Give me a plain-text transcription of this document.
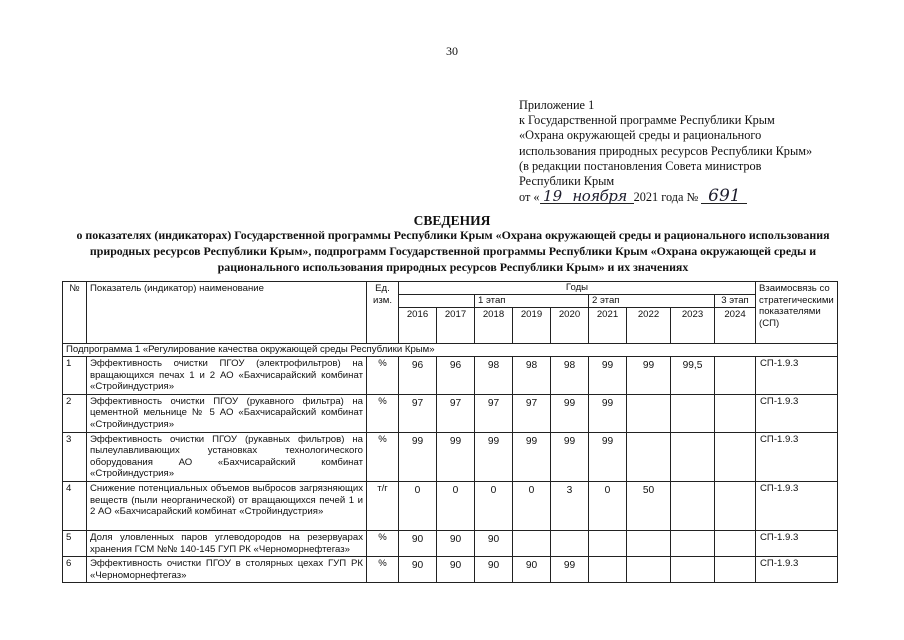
30
Приложение 1
к Государственной программе Республики Крым
«Охрана окружающей среды и рационального
использования природных ресурсов Республики Крым»
(в редакции постановления Совета министров
Республики Крым
от « 19 ноября 2021 года № 691
СВЕДЕНИЯ
о показателях (индикаторах) Государственной программы Республики Крым «Охрана окружающей среды и рационального использования природных ресурсов Республики Крым», подпрограмм Государственной программы Республики Крым «Охрана окружающей среды и рационального использования природных ресурсов Республики Крым» и их значениях
№	Показатель (индикатор) наименование	Ед. изм.	Годы									Взаимосвязь со стратегическими показателями (СП)
					1 этап			2 этап			3 этап	
			2016	2017	2018	2019	2020	2021	2022	2023	2024	
Подпрограмма 1 «Регулирование качества окружающей среды Республики Крым»												
1	Эффективность очистки ПГОУ (электрофильтров) на вращающихся печах 1 и 2 АО «Бахчисарайский комбинат «Стройиндустрия»	%	96	96	98	98	98	99	99	99,5		СП-1.9.3
2	Эффективность очистки ПГОУ (рукавного фильтра) на цементной мельнице № 5 АО «Бахчисарайский комбинат «Стройиндустрия»	%	97	97	97	97	99	99				СП-1.9.3
3	Эффективность очистки ПГОУ (рукавных фильтров) на пылеулавливающих установках технологического оборудования АО «Бахчисарайский комбинат «Стройиндустрия»	%	99	99	99	99	99	99				СП-1.9.3
4	Снижение потенциальных объемов выбросов загрязняющих веществ (пыли неорганической) от вращающихся печей 1 и 2 АО «Бахчисарайский комбинат «Стройиндустрия»	т/г	0	0	0	0	3	0	50			СП-1.9.3
5	Доля уловленных паров углеводородов на резервуарах хранения ГСМ №№ 140-145 ГУП РК «Черноморнефтегаз»	%	90	90	90							СП-1.9.3
6	Эффективность очистки ПГОУ в столярных цехах ГУП РК «Черноморнефтегаз»	%	90	90	90	90	99					СП-1.9.3
